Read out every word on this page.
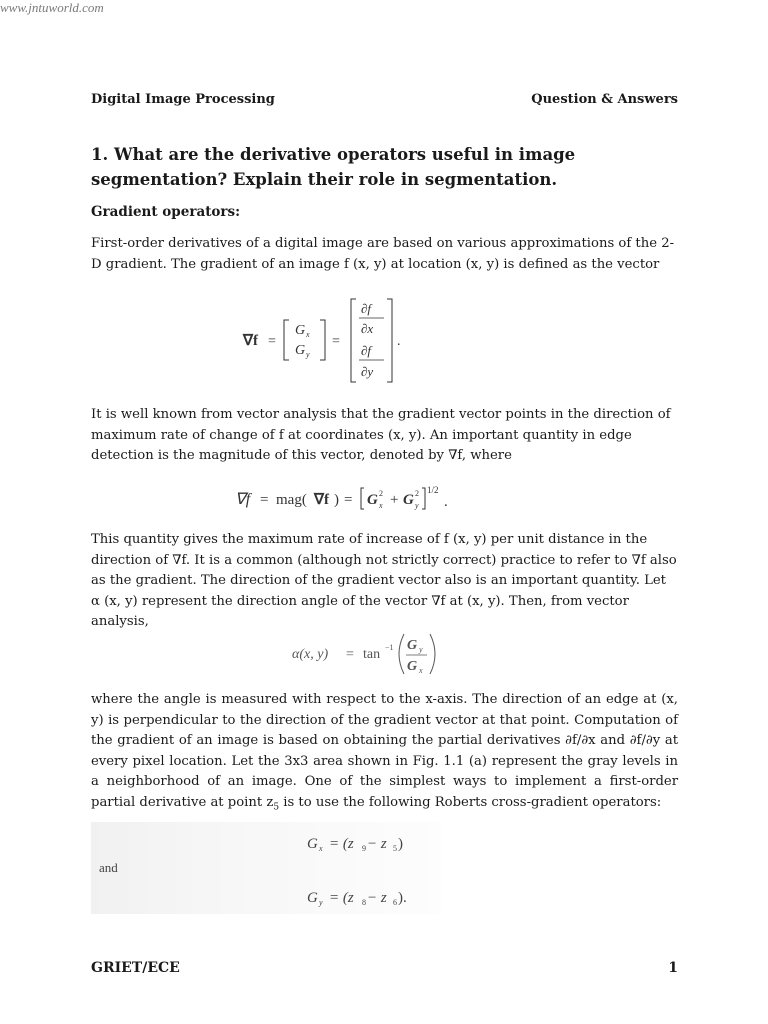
www.jntuworld.com
Digital Image Processing	Question & Answers
1. What are the derivative operators useful in image segmentation? Explain their role in segmentation.
Gradient operators:
First-order derivatives of a digital image are based on various approximations of the 2-D gradient. The gradient of an image f (x, y) at location (x, y) is defined as the vector
∇f =
G x
G y
=
∂f
∂x
∂f
∂y
.
It is well known from vector analysis that the gradient vector points in the direction of maximum rate of change of f at coordinates (x, y). An important quantity in edge detection is the magnitude of this vector, denoted by ∇f, where
∇f = mag( ∇f ) = G 2
x + G 2
y
1/2
.
This quantity gives the maximum rate of increase of f (x, y) per unit distance in the direction of ∇f. It is a common (although not strictly correct) practice to refer to ∇f also as the gradient. The direction of the gradient vector also is an important quantity. Let α (x, y) represent the direction angle of the vector ∇f at (x, y). Then, from vector analysis,
α(x, y) = tan −1 G y
G x
where the angle is measured with respect to the x-axis. The direction of an edge at (x, y) is perpendicular to the direction of the gradient vector at that point. Computation of the gradient of an image is based on obtaining the partial derivatives ∂f/∂x and ∂f/∂y at every pixel location. Let the 3x3 area shown in Fig. 1.1 (a) represent the gray levels in a neighborhood of an image. One of the simplest ways to implement a first-order partial derivative at point $z_5$ is to use the following Roberts cross-gradient operators:
and
G x = (z 9 − z 5 )
G y = (z 8 − z 6 ).
GRIET/ECE	1
